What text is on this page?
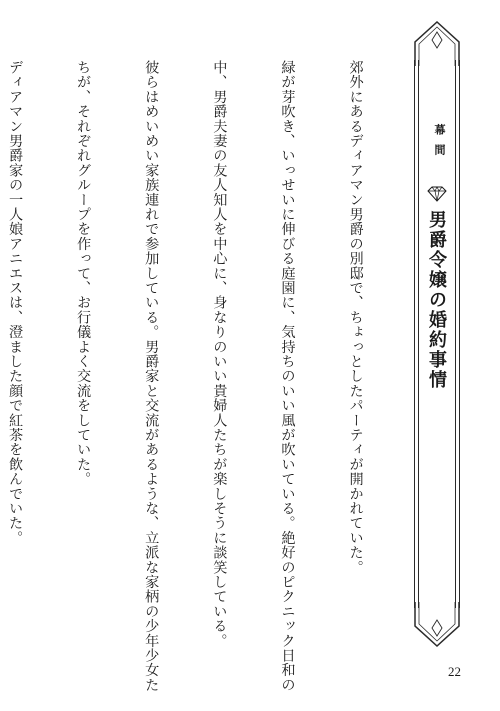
郊外にあるディアマン男爵の別邸で、ちょっとしたパーティが開かれていた。

緑が芽吹き、いっせいに伸びる庭園に、気持ちのいい風が吹いている。絶好のピクニック日和の

中、男爵夫妻の友人知人を中心に、身なりのいい貴婦人たちが楽しそうに談笑している。

彼らはめいめい家族連れで参加している。男爵家と交流があるような、立派な家柄の少年少女た

ちが、それぞれグループを作って、お行儀よく交流をしていた。

ディアマン男爵家の一人娘アニエスは、澄ました顔で紅茶を飲んでいた。

	幕間
男爵令嬢の婚約事情
22
